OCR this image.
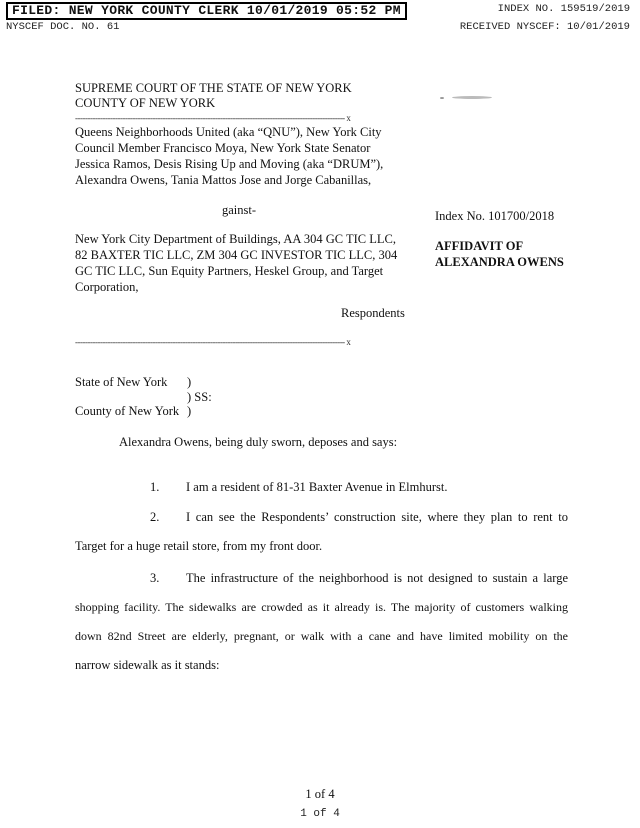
FILED: NEW YORK COUNTY CLERK 10/01/2019 05:52 PM	INDEX NO. 159519/2019
NYSCEF DOC. NO. 61	RECEIVED NYSCEF: 10/01/2019
SUPREME COURT OF THE STATE OF NEW YORK
COUNTY OF NEW YORK
------------------------------------------------------------------------------------------------------------ x
Queens Neighborhoods United (aka “QNU”), New York City
Council Member Francisco Moya, New York State Senator
Jessica Ramos, Desis Rising Up and Moving (aka “DRUM”),
Alexandra Owens, Tania Mattos Jose and Jorge Cabanillas,
gainst-	Index No. 101700/2018
New York City Department of Buildings, AA 304 GC TIC LLC,
82 BAXTER TIC LLC, ZM 304 GC INVESTOR TIC LLC, 304
GC TIC LLC, Sun Equity Partners, Heskel Group, and Target
Corporation,
AFFIDAVIT OF
ALEXANDRA OWENS
Respondents
------------------------------------------------------------------------------------------------------------ x
State of New York )
) SS:
County of New York )
Alexandra Owens, being duly sworn, deposes and says:
1.	I am a resident of 81-31 Baxter Avenue in Elmhurst.
2.	I can see the Respondents’ construction site, where they plan to rent to
Target for a huge retail store, from my front door.
3.	The infrastructure of the neighborhood is not designed to sustain a large
shopping facility. The sidewalks are crowded as it already is. The majority of customers walking
down 82nd Street are elderly, pregnant, or walk with a cane and have limited mobility on the
narrow sidewalk as it stands:
1 of 4
1 of 4
